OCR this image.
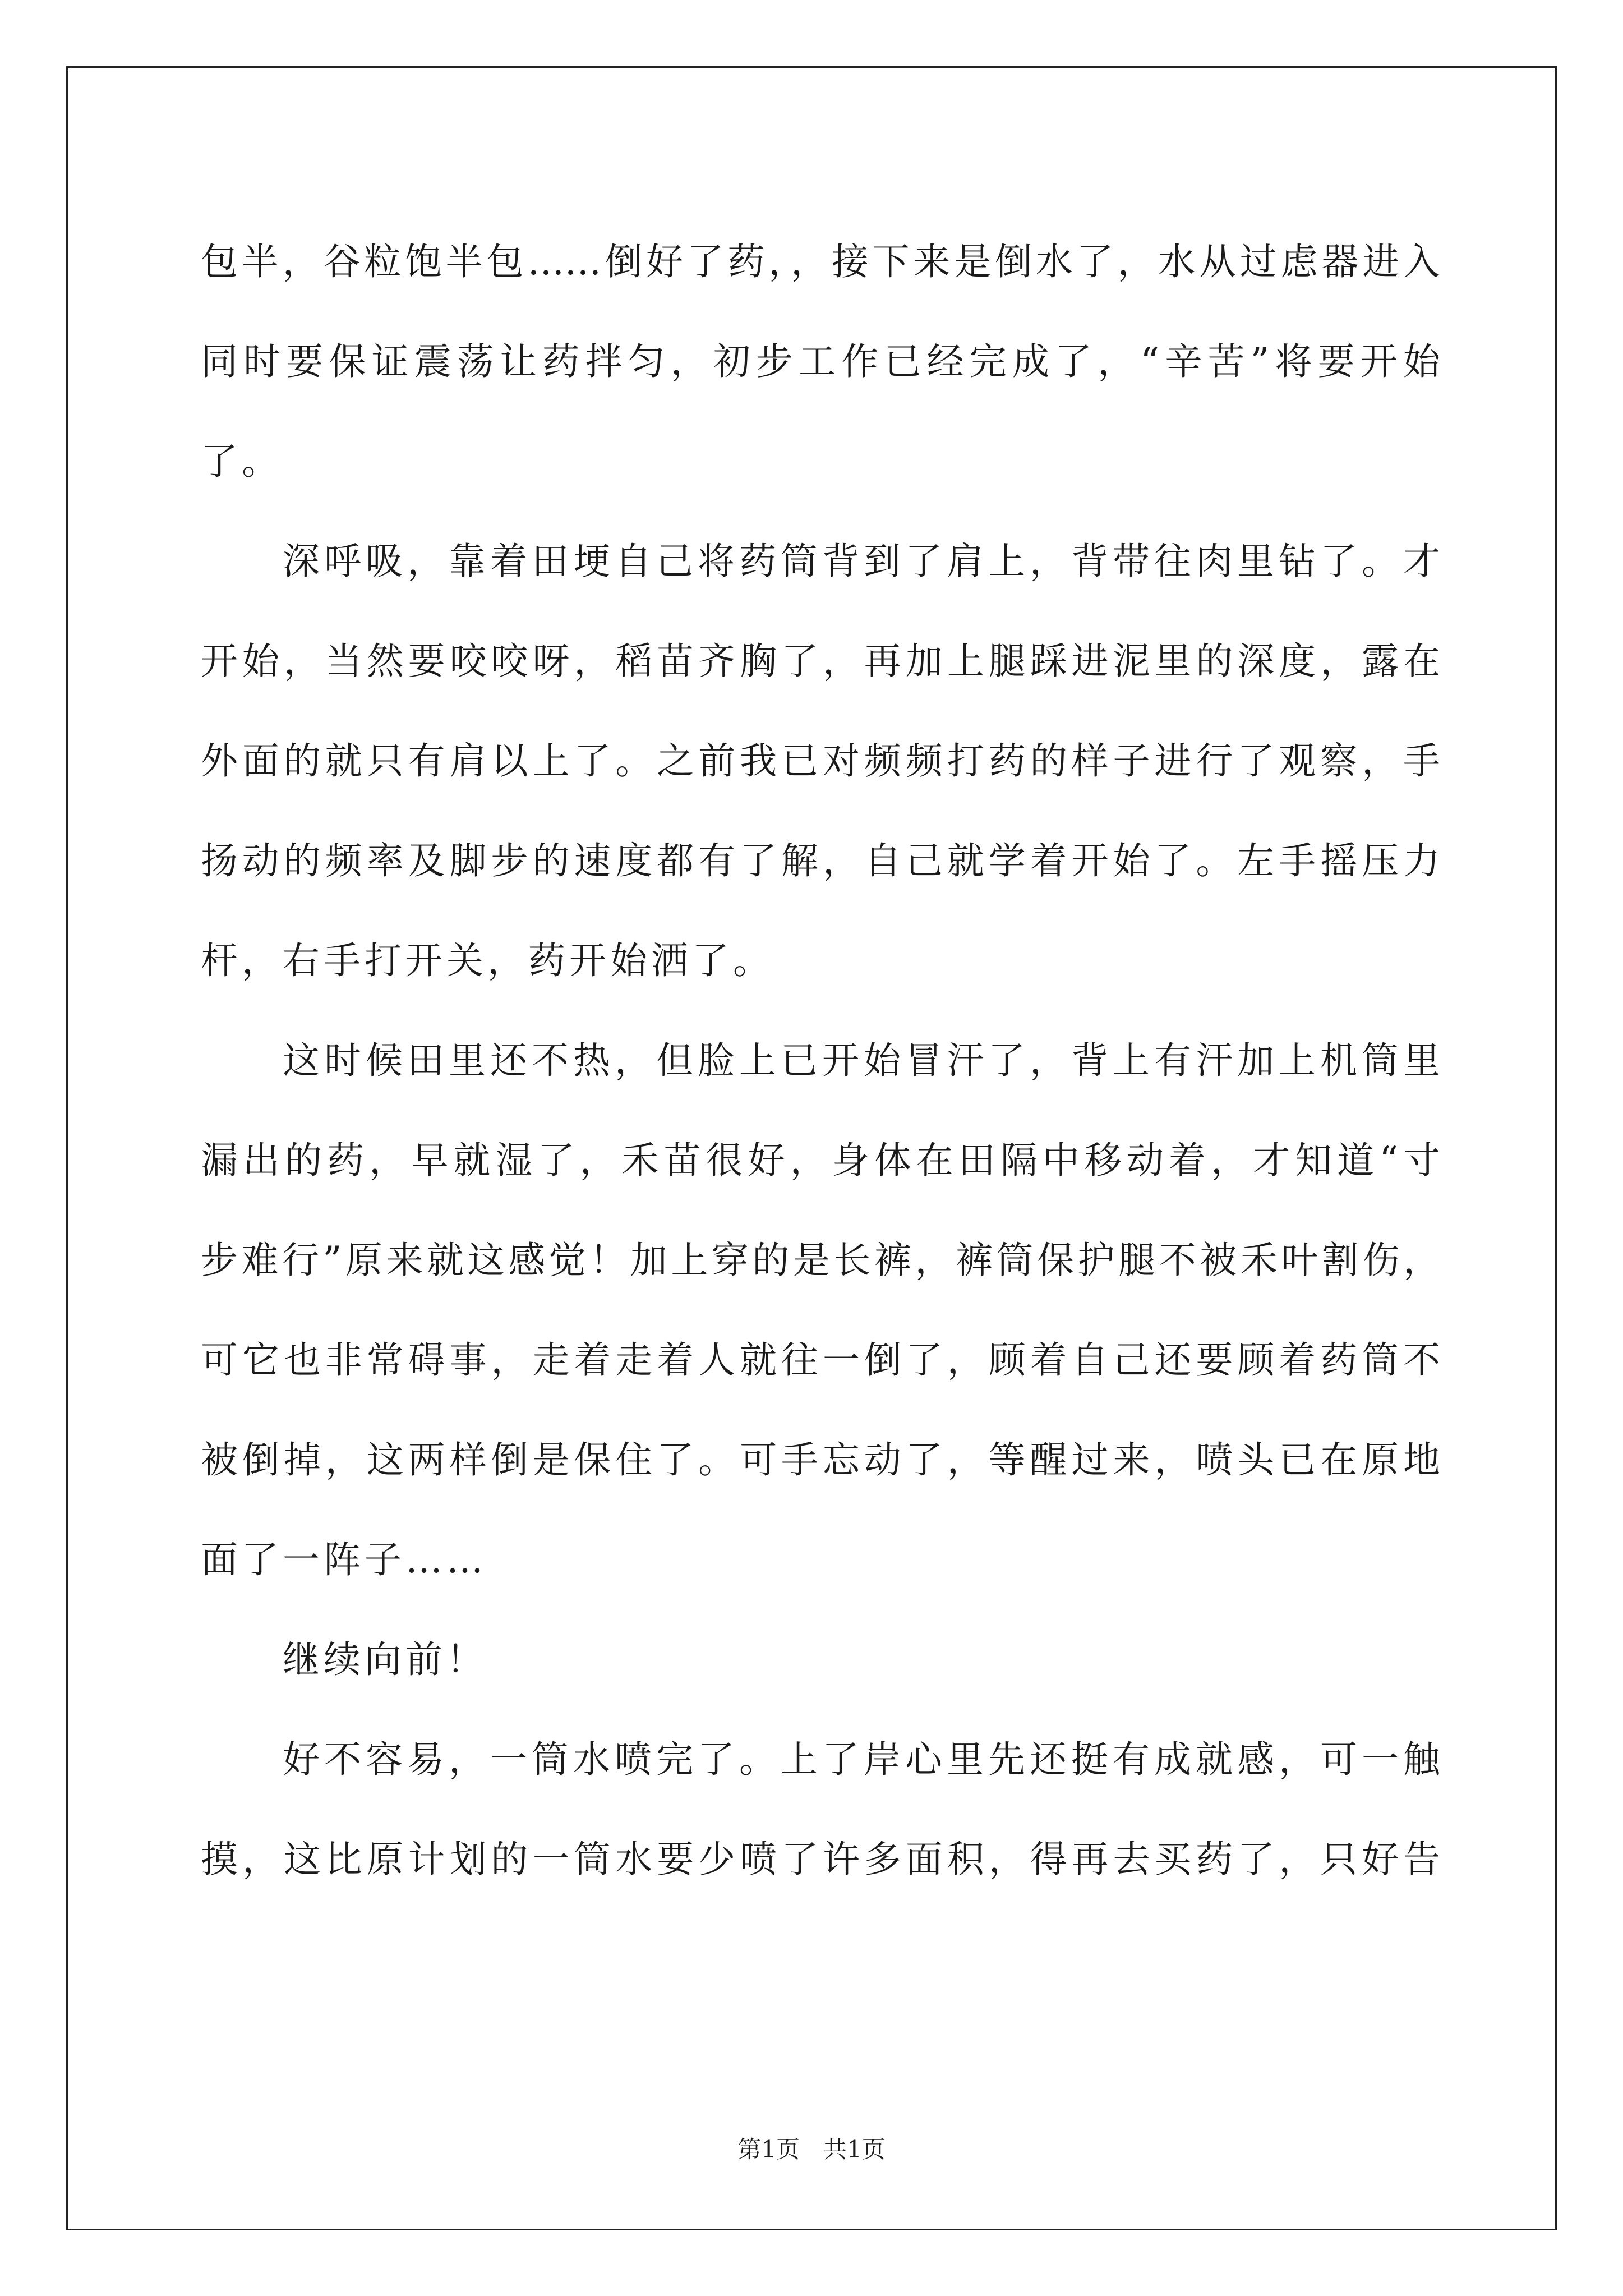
包半，谷粒饱半包……倒好了药，，接下来是倒水了，水从过虑器进入
同时要保证震荡让药拌匀，初步工作已经完成了，“辛苦”将要开始
了。
深呼吸，靠着田埂自己将药筒背到了肩上，背带往肉里钻了。才
开始，当然要咬咬呀，稻苗齐胸了，再加上腿踩进泥里的深度，露在
外面的就只有肩以上了。之前我已对频频打药的样子进行了观察，手
扬动的频率及脚步的速度都有了解，自己就学着开始了。左手摇压力
杆，右手打开关，药开始洒了。
这时候田里还不热，但脸上已开始冒汗了，背上有汗加上机筒里
漏出的药，早就湿了，禾苗很好，身体在田隔中移动着，才知道“寸
步难行”原来就这感觉！加上穿的是长裤，裤筒保护腿不被禾叶割伤，
可它也非常碍事，走着走着人就往一倒了，顾着自己还要顾着药筒不
被倒掉，这两样倒是保住了。可手忘动了，等醒过来，喷头已在原地
面了一阵子……
继续向前！
好不容易，一筒水喷完了。上了岸心里先还挺有成就感，可一触
摸，这比原计划的一筒水要少喷了许多面积，得再去买药了，只好告
第1页　共1页
